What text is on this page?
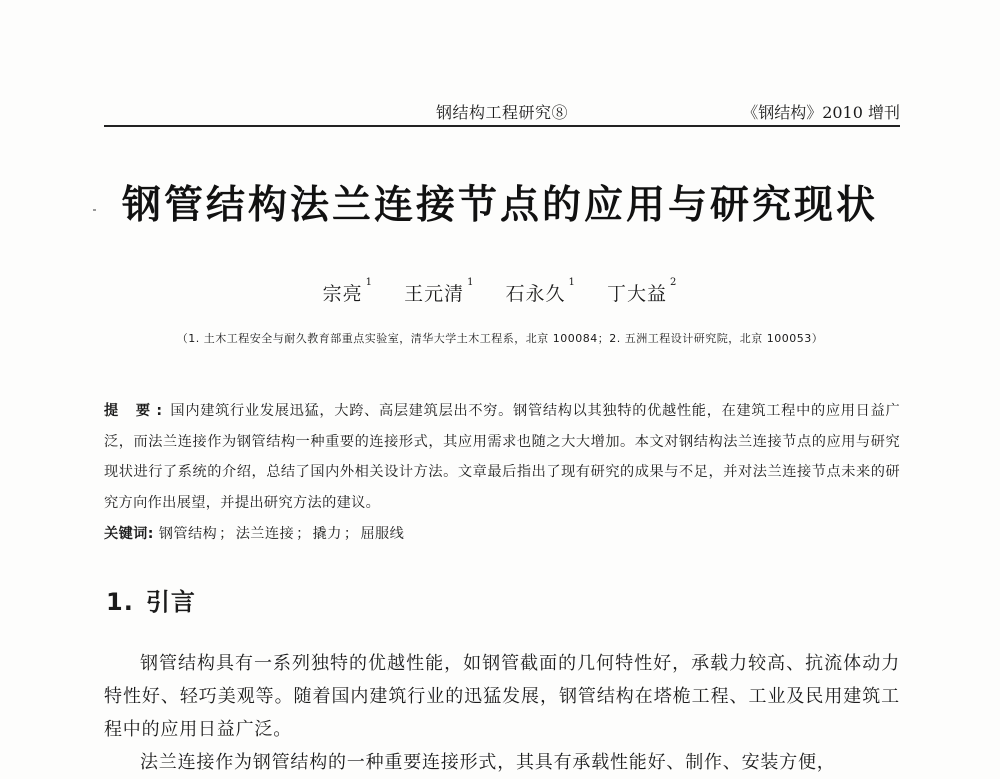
钢结构工程研究⑧	《钢结构》2010 增刊
钢管结构法兰连接节点的应用与研究现状
宗亮$^1$ 王元清$^1$ 石永久$^1$ 丁大益$^2$
（1. 土木工程安全与耐久教育部重点实验室，清华大学土木工程系，北京 100084；2. 五洲工程设计研究院，北京 100053）

提 要: 国内建筑行业发展迅猛，大跨、高层建筑层出不穷。钢管结构以其独特的优越性能，在建筑工程中的应用日益广泛，而法兰连接作为钢管结构一种重要的连接形式，其应用需求也随之大大增加。本文对钢结构法兰连接节点的应用与研究现状进行了系统的介绍，总结了国内外相关设计方法。文章最后指出了现有研究的成果与不足，并对法兰连接节点未来的研究方向作出展望，并提出研究方法的建议。

关键词: 钢管结构 ； 法兰连接 ； 撬力 ； 屈服线
1. 引言

钢管结构具有一系列独特的优越性能，如钢管截面的几何特性好，承载力较高、抗流体动力特性好、轻巧美观等。随着国内建筑行业的迅猛发展，钢管结构在塔桅工程、工业及民用建筑工程中的应用日益广泛。

法兰连接作为钢管结构的一种重要连接形式，其具有承载性能好、制作、安装方便，
